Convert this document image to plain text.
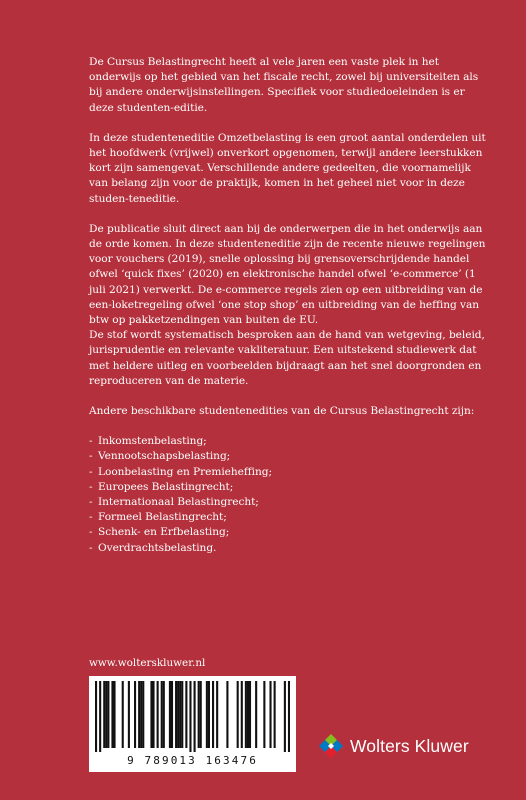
De Cursus Belastingrecht heeft al vele jaren een vaste plek in het onderwijs op het gebied van het fiscale recht, zowel bij universiteiten als bij andere onderwijsinstellingen. Specifiek voor studiedoeleinden is er deze studenten-editie.

In deze studenteneditie Omzetbelasting is een groot aantal onderdelen uit het hoofdwerk (vrijwel) onverkort opgenomen, terwijl andere leerstukken kort zijn samengevat. Verschillende andere gedeelten, die voornamelijk van belang zijn voor de praktijk, komen in het geheel niet voor in deze studen-teneditie.

De publicatie sluit direct aan bij de onderwerpen die in het onderwijs aan de orde komen. In deze studenteneditie zijn de recente nieuwe regelingen voor vouchers (2019), snelle oplossing bij grensoverschrijdende handel ofwel ‘quick fixes’ (2020) en elektronische handel ofwel ‘e-commerce’ (1 juli 2021) verwerkt. De e-commerce regels zien op een uitbreiding van de een-loketregeling ofwel ‘one stop shop’ en uitbreiding van de heffing van btw op pakketzendingen van buiten de EU.

De stof wordt systematisch besproken aan de hand van wetgeving, beleid, jurisprudentie en relevante vakliteratuur. Een uitstekend studiewerk dat met heldere uitleg en voorbeelden bijdraagt aan het snel doorgronden en reproduceren van de materie.

Andere beschikbare studentenedities van de Cursus Belastingrecht zijn:

- Inkomstenbelasting;
- Vennootschapsbelasting;
- Loonbelasting en Premieheffing;
- Europees Belastingrecht;
- Internationaal Belastingrecht;
- Formeel Belastingrecht;
- Schenk- en Erfbelasting;
- Overdrachtsbelasting.
www.wolterskluwer.nl
9 789013 163476
Wolters Kluwer
